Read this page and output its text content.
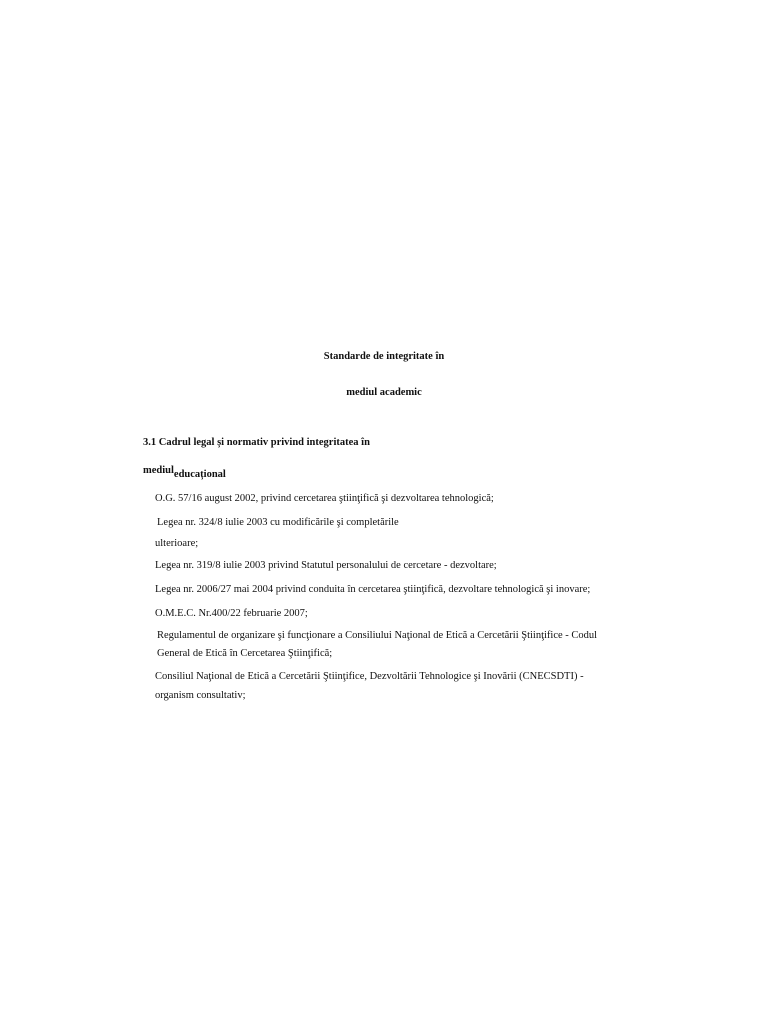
Standarde de integritate în
mediul academic
3.1 Cadrul legal și normativ privind integritatea în
mediuleducațional
O.G. 57/16 august 2002, privind cercetarea ştiinţifică şi dezvoltarea tehnologică;
Legea nr. 324/8 iulie 2003 cu modificările şi completările
ulterioare;
Legea nr. 319/8 iulie 2003 privind Statutul personalului de cercetare - dezvoltare;
Legea nr. 2006/27 mai 2004 privind conduita în cercetarea ştiinţifică, dezvoltare tehnologică şi inovare;
O.M.E.C. Nr.400/22 februarie 2007;
Regulamentul de organizare şi funcţionare a Consiliului Naţional de Etică a Cercetării Ştiinţifice - Codul
General de Etică în Cercetarea Ştiinţifică;
Consiliul Naţional de Etică a Cercetării Ştiinţifice, Dezvoltării Tehnologice şi Inovării (CNECSDTI) -
organism consultativ;
